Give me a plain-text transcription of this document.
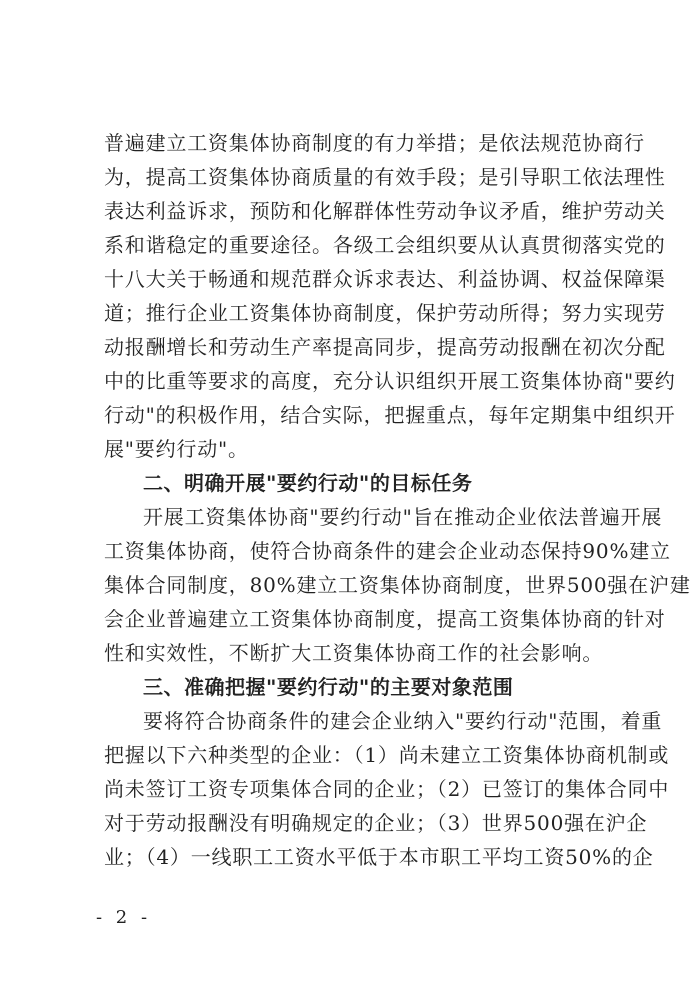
普遍建立工资集体协商制度的有力举措；是依法规范协商行
为，提高工资集体协商质量的有效手段；是引导职工依法理性
表达利益诉求，预防和化解群体性劳动争议矛盾，维护劳动关
系和谐稳定的重要途径。各级工会组织要从认真贯彻落实党的
十八大关于畅通和规范群众诉求表达、利益协调、权益保障渠
道；推行企业工资集体协商制度，保护劳动所得；努力实现劳
动报酬增长和劳动生产率提高同步，提高劳动报酬在初次分配
中的比重等要求的高度，充分认识组织开展工资集体协商"要约
行动"的积极作用，结合实际，把握重点，每年定期集中组织开
展"要约行动"。
二、明确开展"要约行动"的目标任务
开展工资集体协商"要约行动"旨在推动企业依法普遍开展
工资集体协商，使符合协商条件的建会企业动态保持90%建立
集体合同制度，80%建立工资集体协商制度，世界500强在沪建
会企业普遍建立工资集体协商制度，提高工资集体协商的针对
性和实效性，不断扩大工资集体协商工作的社会影响。
三、准确把握"要约行动"的主要对象范围
要将符合协商条件的建会企业纳入"要约行动"范围，着重
把握以下六种类型的企业：（1）尚未建立工资集体协商机制或
尚未签订工资专项集体合同的企业；（2）已签订的集体合同中
对于劳动报酬没有明确规定的企业；（3）世界500强在沪企
业；（4）一线职工工资水平低于本市职工平均工资50%的企
- 2 -
